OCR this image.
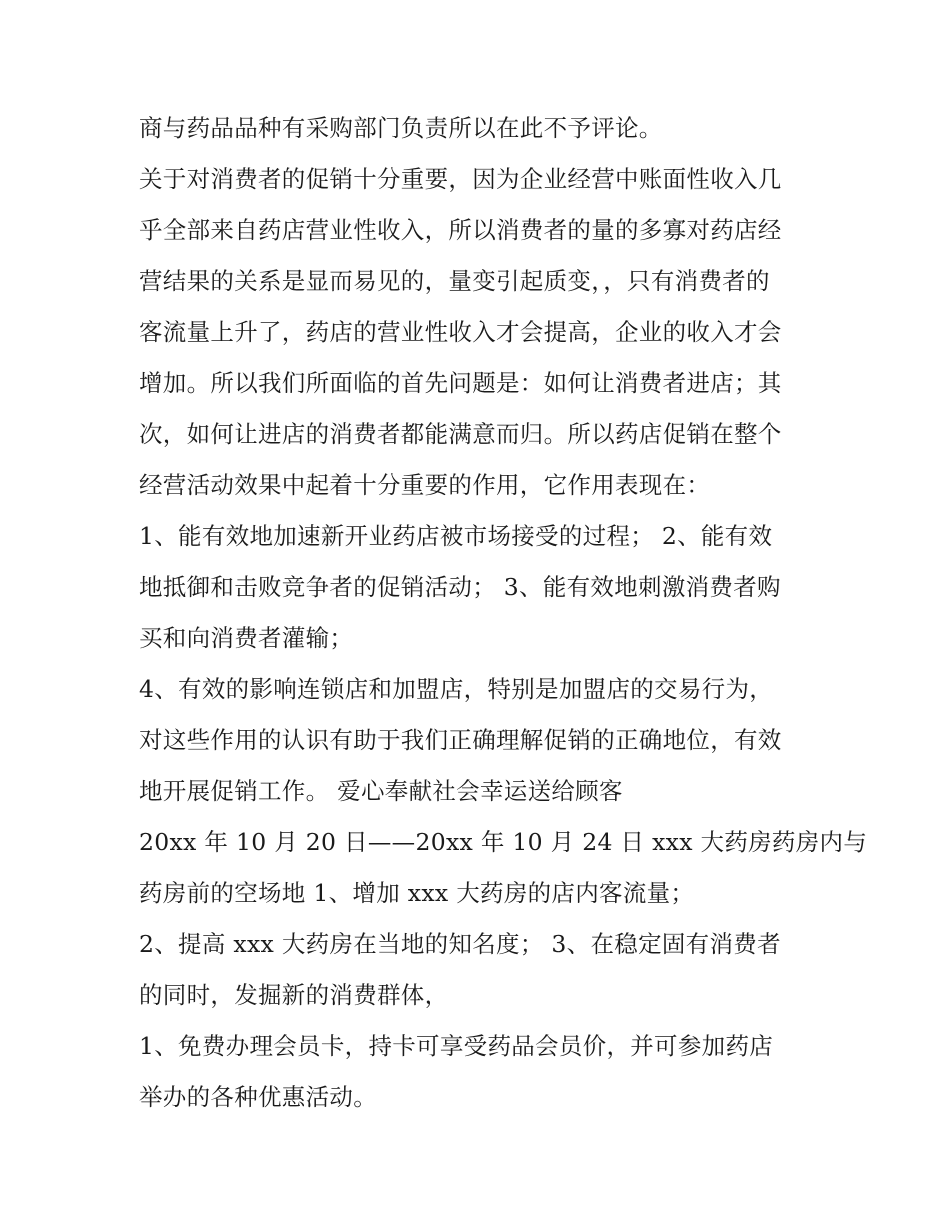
商与药品品种有采购部门负责所以在此不予评论。
关于对消费者的促销十分重要，因为企业经营中账面性收入几
乎全部来自药店营业性收入，所以消费者的量的多寡对药店经
营结果的关系是显而易见的，量变引起质变，，只有消费者的
客流量上升了，药店的营业性收入才会提高，企业的收入才会
增加。所以我们所面临的首先问题是：如何让消费者进店；其
次，如何让进店的消费者都能满意而归。所以药店促销在整个
经营活动效果中起着十分重要的作用，它作用表现在：
1、能有效地加速新开业药店被市场接受的过程； 2、能有效
地抵御和击败竞争者的促销活动； 3、能有效地刺激消费者购
买和向消费者灌输；
4、有效的影响连锁店和加盟店，特别是加盟店的交易行为，
对这些作用的认识有助于我们正确理解促销的正确地位，有效
地开展促销工作。 爱心奉献社会幸运送给顾客
20xx 年 10 月 20 日——20xx 年 10 月 24 日 xxx 大药房药房内与
药房前的空场地 1、增加 xxx 大药房的店内客流量；
2、提高 xxx 大药房在当地的知名度； 3、在稳定固有消费者
的同时，发掘新的消费群体，
1、免费办理会员卡，持卡可享受药品会员价，并可参加药店
举办的各种优惠活动。
